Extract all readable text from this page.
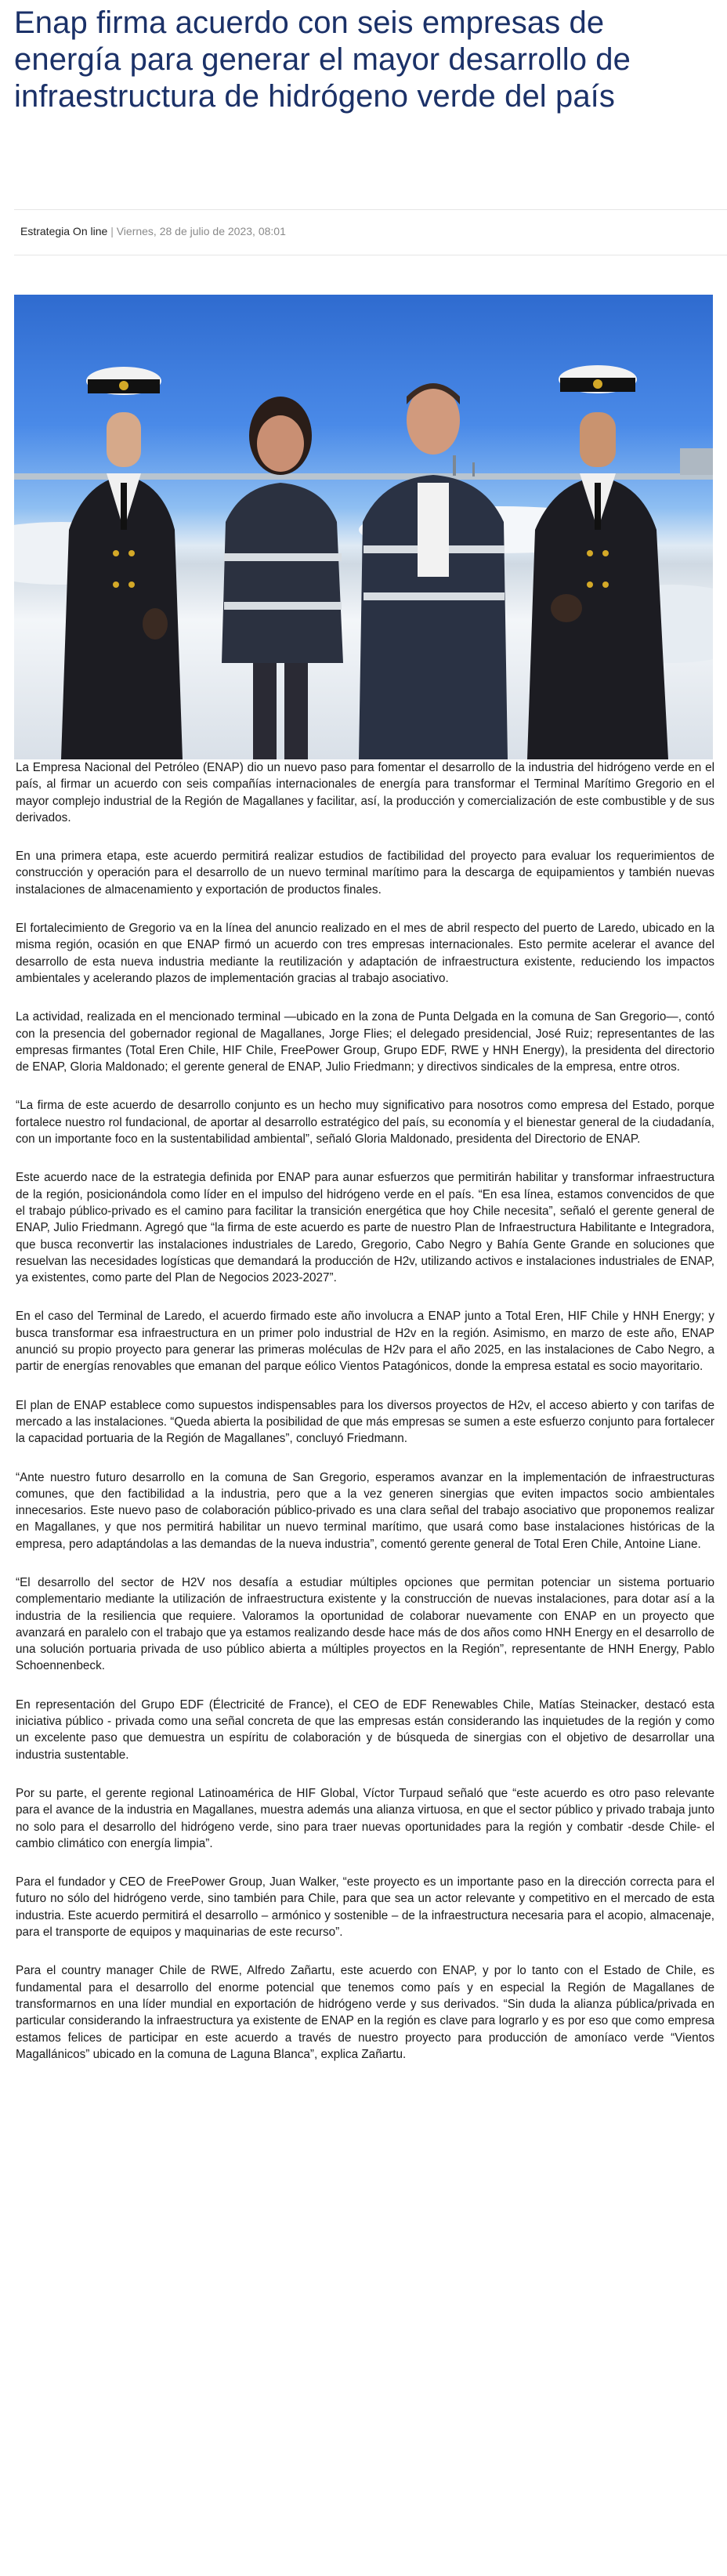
Enap firma acuerdo con seis empresas de energía para generar el mayor desarrollo de infraestructura de hidrógeno verde del país
Estrategia On line | Viernes, 28 de julio de 2023, 08:01

La Empresa Nacional del Petróleo (ENAP) dio un nuevo paso para fomentar el desarrollo de la industria del hidrógeno verde en el país, al firmar un acuerdo con seis compañías internacionales de energía para transformar el Terminal Marítimo Gregorio en el mayor complejo industrial de la Región de Magallanes y facilitar, así, la producción y comercialización de este combustible y de sus derivados.

En una primera etapa, este acuerdo permitirá realizar estudios de factibilidad del proyecto para evaluar los requerimientos de construcción y operación para el desarrollo de un nuevo terminal marítimo para la descarga de equipamientos y también nuevas instalaciones de almacenamiento y exportación de productos finales.

El fortalecimiento de Gregorio va en la línea del anuncio realizado en el mes de abril respecto del puerto de Laredo, ubicado en la misma región, ocasión en que ENAP firmó un acuerdo con tres empresas internacionales. Esto permite acelerar el avance del desarrollo de esta nueva industria mediante la reutilización y adaptación de infraestructura existente, reduciendo los impactos ambientales y acelerando plazos de implementación gracias al trabajo asociativo.

La actividad, realizada en el mencionado terminal —ubicado en la zona de Punta Delgada en la comuna de San Gregorio—, contó con la presencia del gobernador regional de Magallanes, Jorge Flies; el delegado presidencial, José Ruiz; representantes de las empresas firmantes (Total Eren Chile, HIF Chile, FreePower Group, Grupo EDF, RWE y HNH Energy), la presidenta del directorio de ENAP, Gloria Maldonado; el gerente general de ENAP, Julio Friedmann; y directivos sindicales de la empresa, entre otros.

“La firma de este acuerdo de desarrollo conjunto es un hecho muy significativo para nosotros como empresa del Estado, porque fortalece nuestro rol fundacional, de aportar al desarrollo estratégico del país, su economía y el bienestar general de la ciudadanía, con un importante foco en la sustentabilidad ambiental”, señaló Gloria Maldonado, presidenta del Directorio de ENAP.

Este acuerdo nace de la estrategia definida por ENAP para aunar esfuerzos que permitirán habilitar y transformar infraestructura de la región, posicionándola como líder en el impulso del hidrógeno verde en el país. “En esa línea, estamos convencidos de que el trabajo público-privado es el camino para facilitar la transición energética que hoy Chile necesita”, señaló el gerente general de ENAP, Julio Friedmann. Agregó que “la firma de este acuerdo es parte de nuestro Plan de Infraestructura Habilitante e Integradora, que busca reconvertir las instalaciones industriales de Laredo, Gregorio, Cabo Negro y Bahía Gente Grande en soluciones que resuelvan las necesidades logísticas que demandará la producción de H2v, utilizando activos e instalaciones industriales de ENAP, ya existentes, como parte del Plan de Negocios 2023-2027”.

En el caso del Terminal de Laredo, el acuerdo firmado este año involucra a ENAP junto a Total Eren, HIF Chile y HNH Energy; y busca transformar esa infraestructura en un primer polo industrial de H2v en la región. Asimismo, en marzo de este año, ENAP anunció su propio proyecto para generar las primeras moléculas de H2v para el año 2025, en las instalaciones de Cabo Negro, a partir de energías renovables que emanan del parque eólico Vientos Patagónicos, donde la empresa estatal es socio mayoritario.

El plan de ENAP establece como supuestos indispensables para los diversos proyectos de H2v, el acceso abierto y con tarifas de mercado a las instalaciones. “Queda abierta la posibilidad de que más empresas se sumen a este esfuerzo conjunto para fortalecer la capacidad portuaria de la Región de Magallanes”, concluyó Friedmann.

“Ante nuestro futuro desarrollo en la comuna de San Gregorio, esperamos avanzar en la implementación de infraestructuras comunes, que den factibilidad a la industria, pero que a la vez generen sinergias que eviten impactos socio ambientales innecesarios. Este nuevo paso de colaboración público-privado es una clara señal del trabajo asociativo que proponemos realizar en Magallanes, y que nos permitirá habilitar un nuevo terminal marítimo, que usará como base instalaciones históricas de la empresa, pero adaptándolas a las demandas de la nueva industria”, comentó gerente general de Total Eren Chile, Antoine Liane.

“El desarrollo del sector de H2V nos desafía a estudiar múltiples opciones que permitan potenciar un sistema portuario complementario mediante la utilización de infraestructura existente y la construcción de nuevas instalaciones, para dotar así a la industria de la resiliencia que requiere. Valoramos la oportunidad de colaborar nuevamente con ENAP en un proyecto que avanzará en paralelo con el trabajo que ya estamos realizando desde hace más de dos años como HNH Energy en el desarrollo de una solución portuaria privada de uso público abierta a múltiples proyectos en la Región”, representante de HNH Energy, Pablo Schoennenbeck.

En representación del Grupo EDF (Électricité de France), el CEO de EDF Renewables Chile, Matías Steinacker, destacó esta iniciativa público - privada como una señal concreta de que las empresas están considerando las inquietudes de la región y como un excelente paso que demuestra un espíritu de colaboración y de búsqueda de sinergias con el objetivo de desarrollar una industria sustentable.

Por su parte, el gerente regional Latinoamérica de HIF Global, Víctor Turpaud señaló que “este acuerdo es otro paso relevante para el avance de la industria en Magallanes, muestra además una alianza virtuosa, en que el sector público y privado trabaja junto no solo para el desarrollo del hidrógeno verde, sino para traer nuevas oportunidades para la región y combatir -desde Chile- el cambio climático con energía limpia”.

Para el fundador y CEO de FreePower Group, Juan Walker, “este proyecto es un importante paso en la dirección correcta para el futuro no sólo del hidrógeno verde, sino también para Chile, para que sea un actor relevante y competitivo en el mercado de esta industria. Este acuerdo permitirá el desarrollo – armónico y sostenible – de la infraestructura necesaria para el acopio, almacenaje, para el transporte de equipos y maquinarias de este recurso”.

Para el country manager Chile de RWE, Alfredo Zañartu, este acuerdo con ENAP, y por lo tanto con el Estado de Chile, es fundamental para el desarrollo del enorme potencial que tenemos como país y en especial la Región de Magallanes de transformarnos en una líder mundial en exportación de hidrógeno verde y sus derivados. “Sin duda la alianza pública/privada en particular considerando la infraestructura ya existente de ENAP en la región es clave para lograrlo y es por eso que como empresa estamos felices de participar en este acuerdo a través de nuestro proyecto para producción de amoníaco verde “Vientos Magallánicos” ubicado en la comuna de Laguna Blanca”, explica Zañartu.
